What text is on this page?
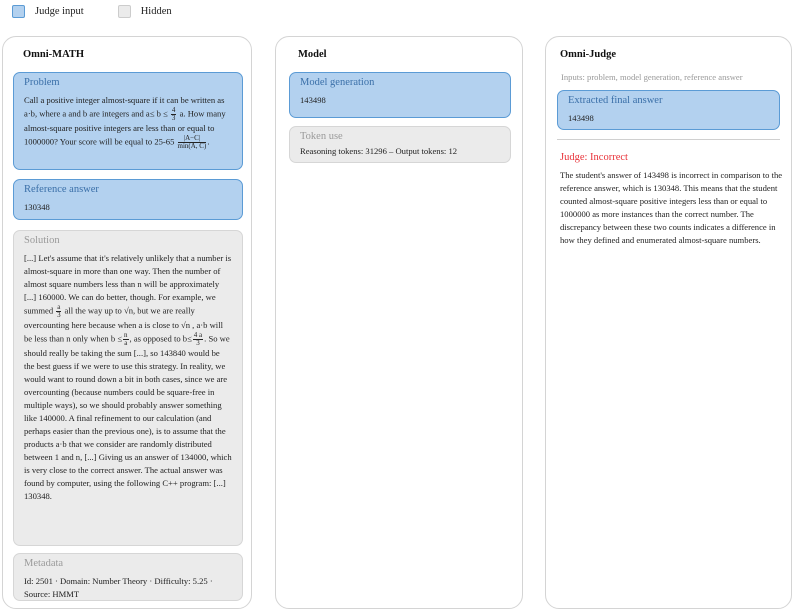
Judge input	Hidden
Omni-MATH
Problem
Call a positive integer almost-square if it can be written as a·b, where a and b are integers and $a\le b \le \frac{4}{3} a$. How many almost-square positive integers are less than or equal to 1000000? Your score will be equal to 25-65	|A−C|
min(A, C) .
Reference answer
130348
Solution
[...] Let's assume that it's relatively unlikely that a number is almost-square in more than one way. Then the number of almost square numbers less than n will be approximately [...] 160000. We can do better, though. For example, we summed $\frac{a}{3}$ all the way up to √n, but we are really overcounting here because when a is close to √n , a·b will be less than n only when $b \le \frac{n}{a}$ , as opposed to $b\le \frac{4 a}{3}$ . So we should really be taking the sum [...], so 143840 would be the best guess if we were to use this strategy. In reality, we would want to round down a bit in both cases, since we are overcounting (because numbers could be square-free in multiple ways), so we should probably answer something like 140000. A final refinement to our calculation (and perhaps easier than the previous one), is to assume that the products a·b that we consider are randomly distributed between 1 and n, [...] Giving us an answer of 134000, which is very close to the correct answer. The actual answer was found by computer, using the following C++ program: [...] 130348.
Metadata
Id: 2501 · Domain: Number Theory · Difficulty: 5.25 · Source: HMMT
Model
Model generation
143498
Token use
Reasoning tokens: 31296 – Output tokens: 12
Omni-Judge
Inputs: problem, model generation, reference answer
Extracted final answer
143498
Judge: Incorrect
The student's answer of 143498 is incorrect in comparison to the reference answer, which is 130348. This means that the student counted almost-square positive integers less than or equal to 1000000 as more instances than the correct number. The discrepancy between these two counts indicates a difference in how they defined and enumerated almost-square numbers.
